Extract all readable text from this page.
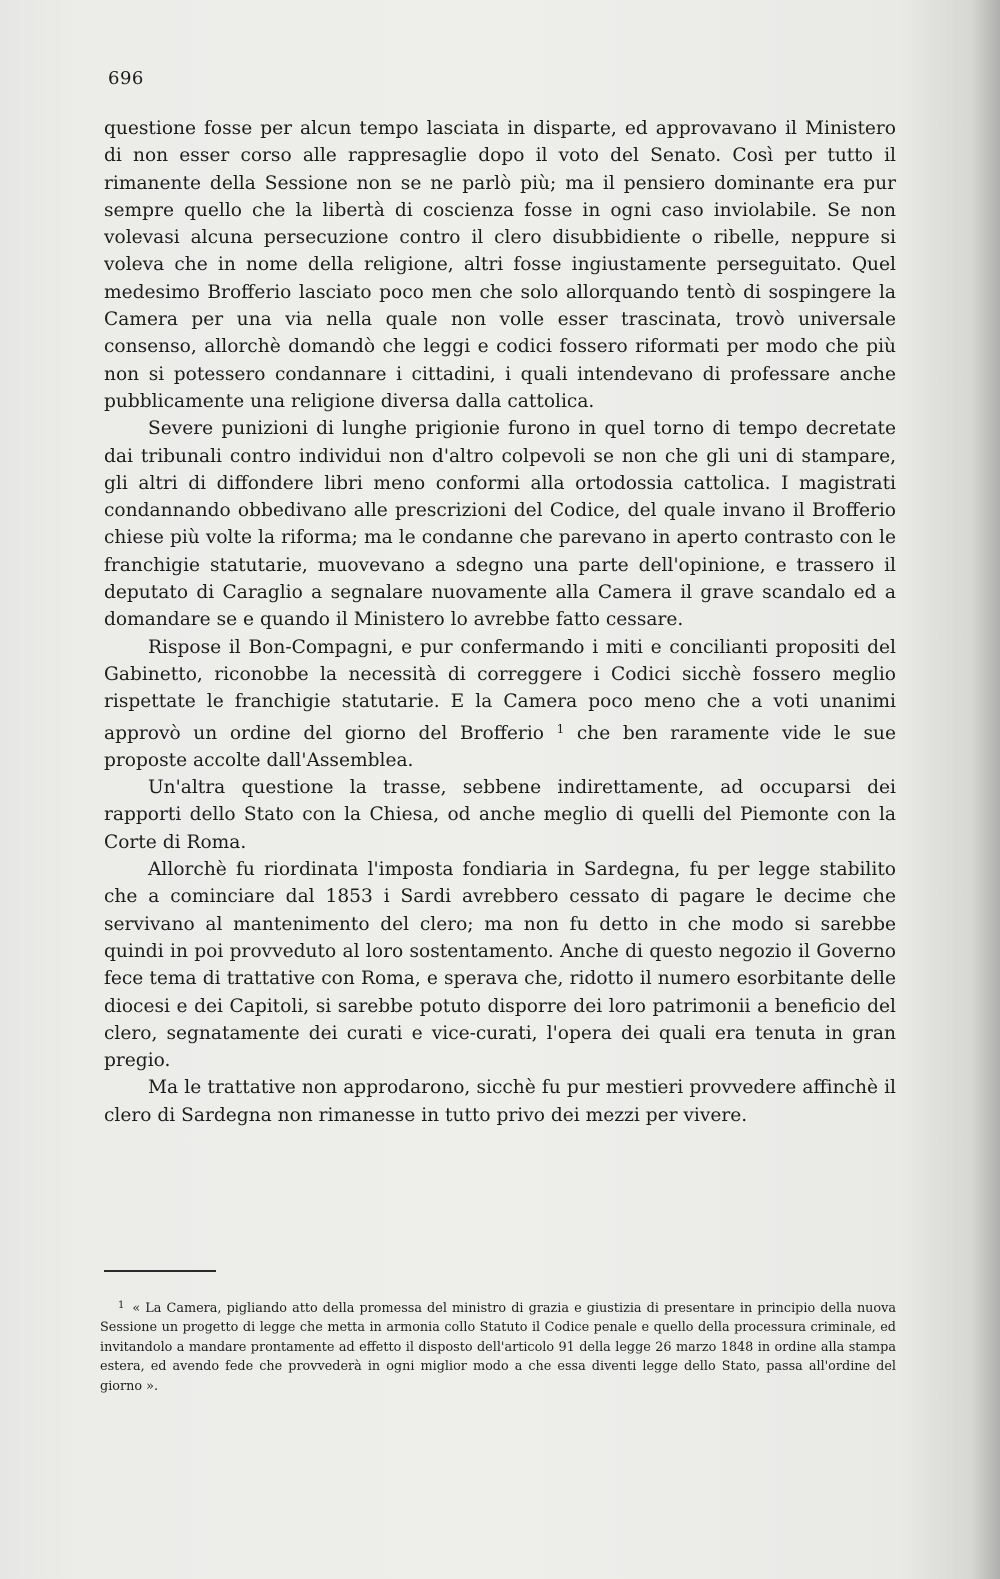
696

questione fosse per alcun tempo lasciata in disparte, ed approvavano il Ministero di non esser corso alle rappresaglie dopo il voto del Senato. Così per tutto il rimanente della Sessione non se ne parlò più; ma il pensiero dominante era pur sempre quello che la libertà di coscienza fosse in ogni caso inviolabile. Se non volevasi alcuna persecuzione contro il clero disubbidiente o ribelle, neppure si voleva che in nome della religione, altri fosse ingiustamente perseguitato. Quel medesimo Brofferio lasciato poco men che solo allorquando tentò di sospingere la Camera per una via nella quale non volle esser trascinata, trovò universale consenso, allorchè domandò che leggi e codici fossero riformati per modo che più non si potessero condannare i cittadini, i quali intendevano di professare anche pubblicamente una religione diversa dalla cattolica.

Severe punizioni di lunghe prigionie furono in quel torno di tempo decretate dai tribunali contro individui non d'altro colpevoli se non che gli uni di stampare, gli altri di diffondere libri meno conformi alla ortodossia cattolica. I magistrati condannando obbedivano alle prescrizioni del Codice, del quale invano il Brofferio chiese più volte la riforma; ma le condanne che parevano in aperto contrasto con le franchigie statutarie, muovevano a sdegno una parte dell'opinione, e trassero il deputato di Caraglio a segnalare nuovamente alla Camera il grave scandalo ed a domandare se e quando il Ministero lo avrebbe fatto cessare.

Rispose il Bon-Compagni, e pur confermando i miti e concilianti propositi del Gabinetto, riconobbe la necessità di correggere i Codici sicchè fossero meglio rispettate le franchigie statutarie. E la Camera poco meno che a voti unanimi approvò un ordine del giorno del Brofferio $^1$ che ben raramente vide le sue proposte accolte dall'Assemblea.

Un'altra questione la trasse, sebbene indirettamente, ad occuparsi dei rapporti dello Stato con la Chiesa, od anche meglio di quelli del Piemonte con la Corte di Roma.

Allorchè fu riordinata l'imposta fondiaria in Sardegna, fu per legge stabilito che a cominciare dal 1853 i Sardi avrebbero cessato di pagare le decime che servivano al mantenimento del clero; ma non fu detto in che modo si sarebbe quindi in poi provveduto al loro sostentamento. Anche di questo negozio il Governo fece tema di trattative con Roma, e sperava che, ridotto il numero esorbitante delle diocesi e dei Capitoli, si sarebbe potuto disporre dei loro patrimonii a beneficio del clero, segnatamente dei curati e vice-curati, l'opera dei quali era tenuta in gran pregio.

Ma le trattative non approdarono, sicchè fu pur mestieri provvedere affinchè il clero di Sardegna non rimanesse in tutto privo dei mezzi per vivere.

$^1$ « La Camera, pigliando atto della promessa del ministro di grazia e giustizia di presentare in principio della nuova Sessione un progetto di legge che metta in armonia collo Statuto il Codice penale e quello della processura criminale, ed invitandolo a mandare prontamente ad effetto il disposto dell'articolo 91 della legge 26 marzo 1848 in ordine alla stampa estera, ed avendo fede che provvederà in ogni miglior modo a che essa diventi legge dello Stato, passa all'ordine del giorno ».
